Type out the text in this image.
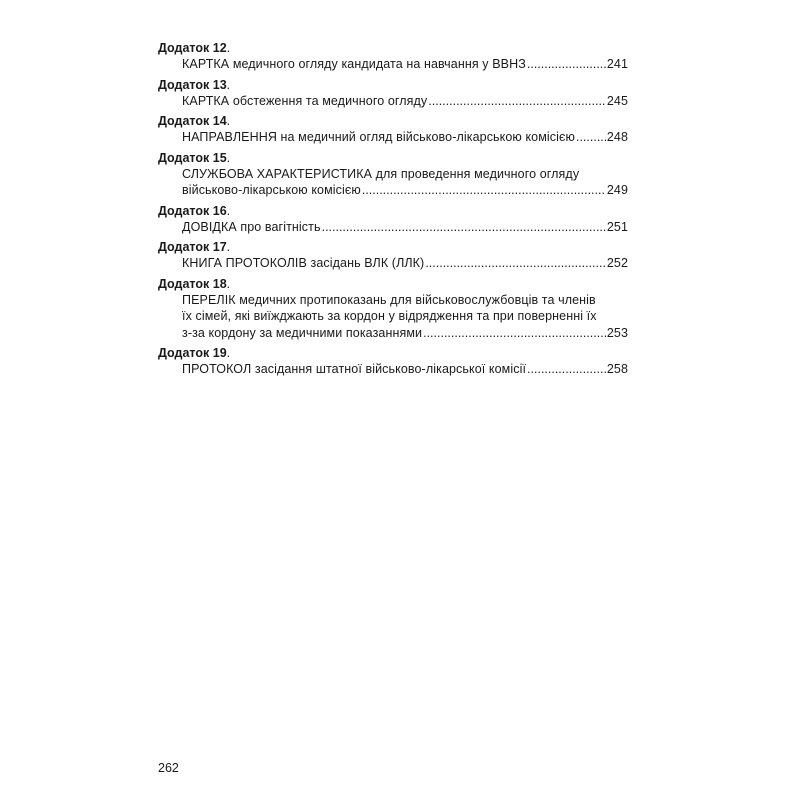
Додаток 12.
КАРТКА медичного огляду кандидата на навчання у ВВНЗ .....	241
Додаток 13.
КАРТКА обстеження та медичного огляду .....	245
Додаток 14.
НАПРАВЛЕННЯ на медичний огляд військово-лікарською комісією .....	248
Додаток 15.
СЛУЖБОВА ХАРАКТЕРИСТИКА для проведення медичного огляду
військово-лікарською комісією .....	249
Додаток 16.
ДОВІДКА про вагітність .....	251
Додаток 17.
КНИГА ПРОТОКОЛІВ засідань ВЛК (ЛЛК) .....	252
Додаток 18.
ПЕРЕЛІК медичних протипоказань для військовослужбовців та членів
їх сімей, які виїжджають за кордон у відрядження та при поверненні їх
з-за кордону за медичними показаннями .....	253
Додаток 19.
ПРОТОКОЛ засідання штатної військово-лікарської комісії .....	258
262
